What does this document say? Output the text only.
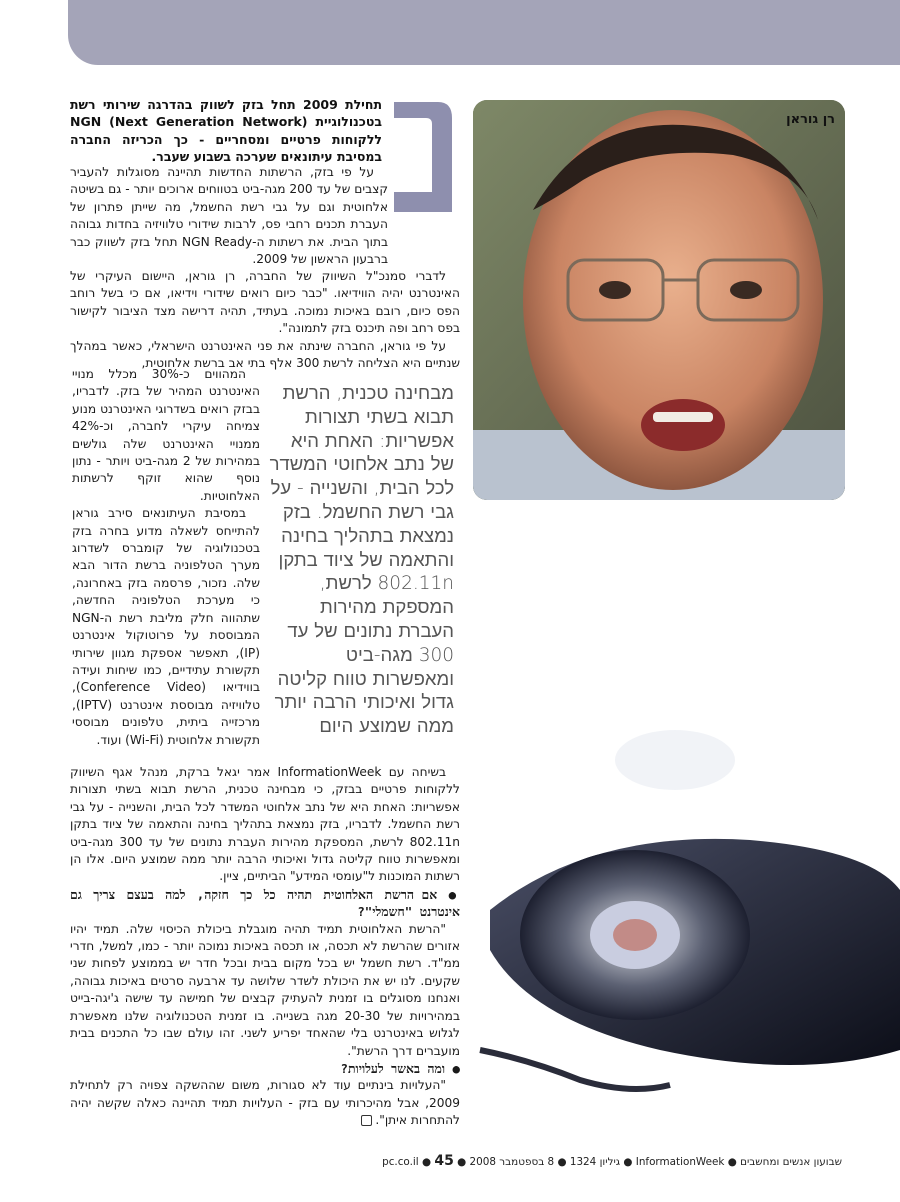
רן גוראן
תחילת 2009 תחל בזק לשווק בהדרגה שירותי רשת בטכנולוגיית NGN (Next Generation Network) ללקוחות פרטיים ומסחריים - כך הכריזה החברה במסיבת עיתונאים שערכה בשבוע שעבר.

על פי בזק, הרשתות החדשות תהיינה מסוגלות להעביר קצבים של עד 200 מגה-ביט בטווחים ארוכים יותר - גם בשיטה אלחוטית וגם על גבי רשת החשמל, מה שייתן פתרון של העברת תכנים רחבי פס, לרבות שידורי טלוויזיה בחדות גבוהה בתוך הבית. את רשתות ה-NGN Ready תחל בזק לשווק כבר ברבעון הראשון של 2009.

לדברי סמנכ"ל השיווק של החברה, רן גוראן, היישום העיקרי של האינטרנט יהיה הווידיאו. "כבר כיום רואים שידורי וידיאו, אם כי בשל רוחב הפס כיום, רובם באיכות נמוכה. בעתיד, תהיה דרישה מצד הציבור לקישור בפס רחב ופה תיכנס בזק לתמונה".

על פי גוראן, החברה שינתה את פני האינטרנט הישראלי, כאשר במהלך שנתיים היא הצליחה לרשת 300 אלף בתי אב ברשת אלחוטית,

המהווים כ-30% מכלל מנויי האינטרנט המהיר של בזק. לדבריו, בבזק רואים בשדרוגי האינטרנט מנוע צמיחה עיקרי לחברה, וכ-42% ממנויי האינטרנט שלה גולשים במהירות של 2 מגה-ביט ויותר - נתון נוסף שהוא זוקף לרשתות האלחוטיות.

במסיבת העיתונאים סירב גוראן להתייחס לשאלה מדוע בחרה בזק בטכנולוגיה של קומברס לשדרוג מערך הטלפוניה ברשת הדור הבא שלה. נזכור, פרסמה בזק באחרונה, כי מערכת הטלפוניה החדשה, שתהווה חלק מליבת רשת ה-NGN המבוססת על פרוטוקול אינטרנט (IP), תאפשר אספקת מגוון שירותי תקשורת עתידיים, כמו שיחות ועידה בווידיאו (Conference Video), טלוויזיה מבוססת אינטרנט (IPTV), מרכזייה ביתית, טלפונים מבוססי תקשורת אלחוטית (Wi-Fi) ועוד.

מבחינה טכנית, הרשת תבוא בשתי תצורות אפשריות: האחת היא של נתב אלחוטי המשדר לכל הבית, והשנייה - על גבי רשת החשמל. בזק נמצאת בתהליך בחינה והתאמה של ציוד בתקן 802.11n לרשת, המספקת מהירות העברת נתונים של עד 300 מגה-ביט ומאפשרות טווח קליטה גדול ואיכותי הרבה יותר ממה שמוצע היום

בשיחה עם InformationWeek אמר יגאל ברקת, מנהל אגף השיווק ללקוחות פרטיים בבזק, כי מבחינה טכנית, הרשת תבוא בשתי תצורות אפשריות: האחת היא של נתב אלחוטי המשדר לכל הבית, והשנייה - על גבי רשת החשמל. לדבריו, בזק נמצאת בתהליך בחינה והתאמה של ציוד בתקן 802.11n לרשת, המספקת מהירות העברת נתונים של עד 300 מגה-ביט ומאפשרות טווח קליטה גדול ואיכותי הרבה יותר ממה שמוצע היום. אלו הן רשתות המוכנות ל"עומסי המידע" הביתיים, ציין.

● אם הרשת האלחוטית תהיה כל כך חזקה, למה בעצם צריך גם אינטרנט "חשמלי"?

"הרשת האלחוטית תמיד תהיה מוגבלת ביכולת הכיסוי שלה. תמיד יהיו אזורים שהרשת לא תכסה, או תכסה באיכות נמוכה יותר - כמו, למשל, חדרי ממ"ד. רשת חשמל יש בכל מקום בבית ובכל חדר יש בממוצע לפחות שני שקעים. לנו יש את היכולת לשדר שלושה עד ארבעה סרטים באיכות גבוהה, ואנחנו מסוגלים בו זמנית להעתיק קבצים של חמישה עד שישה ג'יגה-בייט במהירויות של 20-30 מגה בשנייה. בו זמנית הטכנולוגיה שלנו מאפשרת לגלוש באינטרנט בלי שהאחד יפריע לשני. זהו עולם שבו כל התכנים בבית מועברים דרך הרשת".

● ומה באשר לעלויות?

"העלויות בינתיים עוד לא סגורות, משום שההשקה צפויה רק לתחילת 2009, אבל מהיכרותי עם בזק - העלויות תמיד תהיינה כאלה שקשה יהיה להתחרות איתן".

שבועון אנשים ומחשבים ● InformationWeek ● גיליון 1324 ● 8 בספטמבר 2008 ● pc.co.il ● 45
